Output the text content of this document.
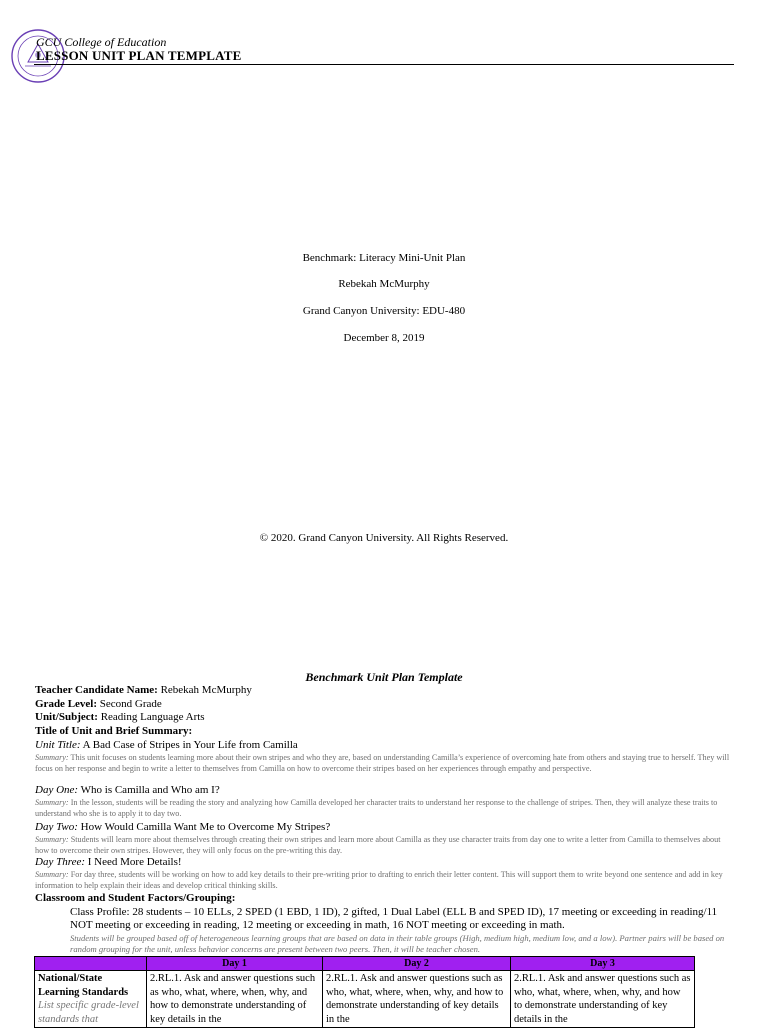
GCU College of Education
LESSON UNIT PLAN TEMPLATE
Benchmark: Literacy Mini-Unit Plan
Rebekah McMurphy
Grand Canyon University: EDU-480
December 8, 2019
© 2020. Grand Canyon University. All Rights Reserved.
Benchmark Unit Plan Template
Teacher Candidate Name: Rebekah McMurphy
Grade Level: Second Grade
Unit/Subject: Reading Language Arts
Title of Unit and Brief Summary:
Unit Title: A Bad Case of Stripes in Your Life from Camilla
Summary: This unit focuses on students learning more about their own stripes and who they are, based on understanding Camilla’s experience of overcoming hate from others and staying true to herself. They will focus on her response and begin to write a letter to themselves from Camilla on how to overcome their stripes based on her experiences through empathy and perspective.
Day One: Who is Camilla and Who am I?
Summary: In the lesson, students will be reading the story and analyzing how Camilla developed her character traits to understand her response to the challenge of stripes. Then, they will analyze these traits to understand who she is to apply it to day two.
Day Two: How Would Camilla Want Me to Overcome My Stripes?
Summary: Students will learn more about themselves through creating their own stripes and learn more about Camilla as they use character traits from day one to write a letter from Camilla to themselves about how to overcome their own stripes. However, they will only focus on the pre-writing this day.
Day Three: I Need More Details!
Summary: For day three, students will be working on how to add key details to their pre-writing prior to drafting to enrich their letter content. This will support them to write beyond one sentence and add in key information to help explain their ideas and develop critical thinking skills.
Classroom and Student Factors/Grouping:
Class Profile: 28 students – 10 ELLs, 2 SPED (1 EBD, 1 ID), 2 gifted, 1 Dual Label (ELL B and SPED ID), 17 meeting or exceeding in reading/11 NOT meeting or exceeding in reading, 12 meeting or exceeding in math, 16 NOT meeting or exceeding in math.
Students will be grouped based off of heterogeneous learning groups that are based on data in their table groups (High, medium high, medium low, and a low). Partner pairs will be based on random grouping for the unit, unless behavior concerns are present between two peers. Then, it will be teacher chosen.
	Day 1	Day 2	Day 3

National/State Learning Standards
List specific grade-level standards that	2.RL.1. Ask and answer questions such as who, what, where, when, why, and how to demonstrate understanding of key details in the	2.RL.1. Ask and answer questions such as who, what, where, when, why, and how to demonstrate understanding of key details in the	2.RL.1. Ask and answer questions such as who, what, where, when, why, and how to demonstrate understanding of key details in the
